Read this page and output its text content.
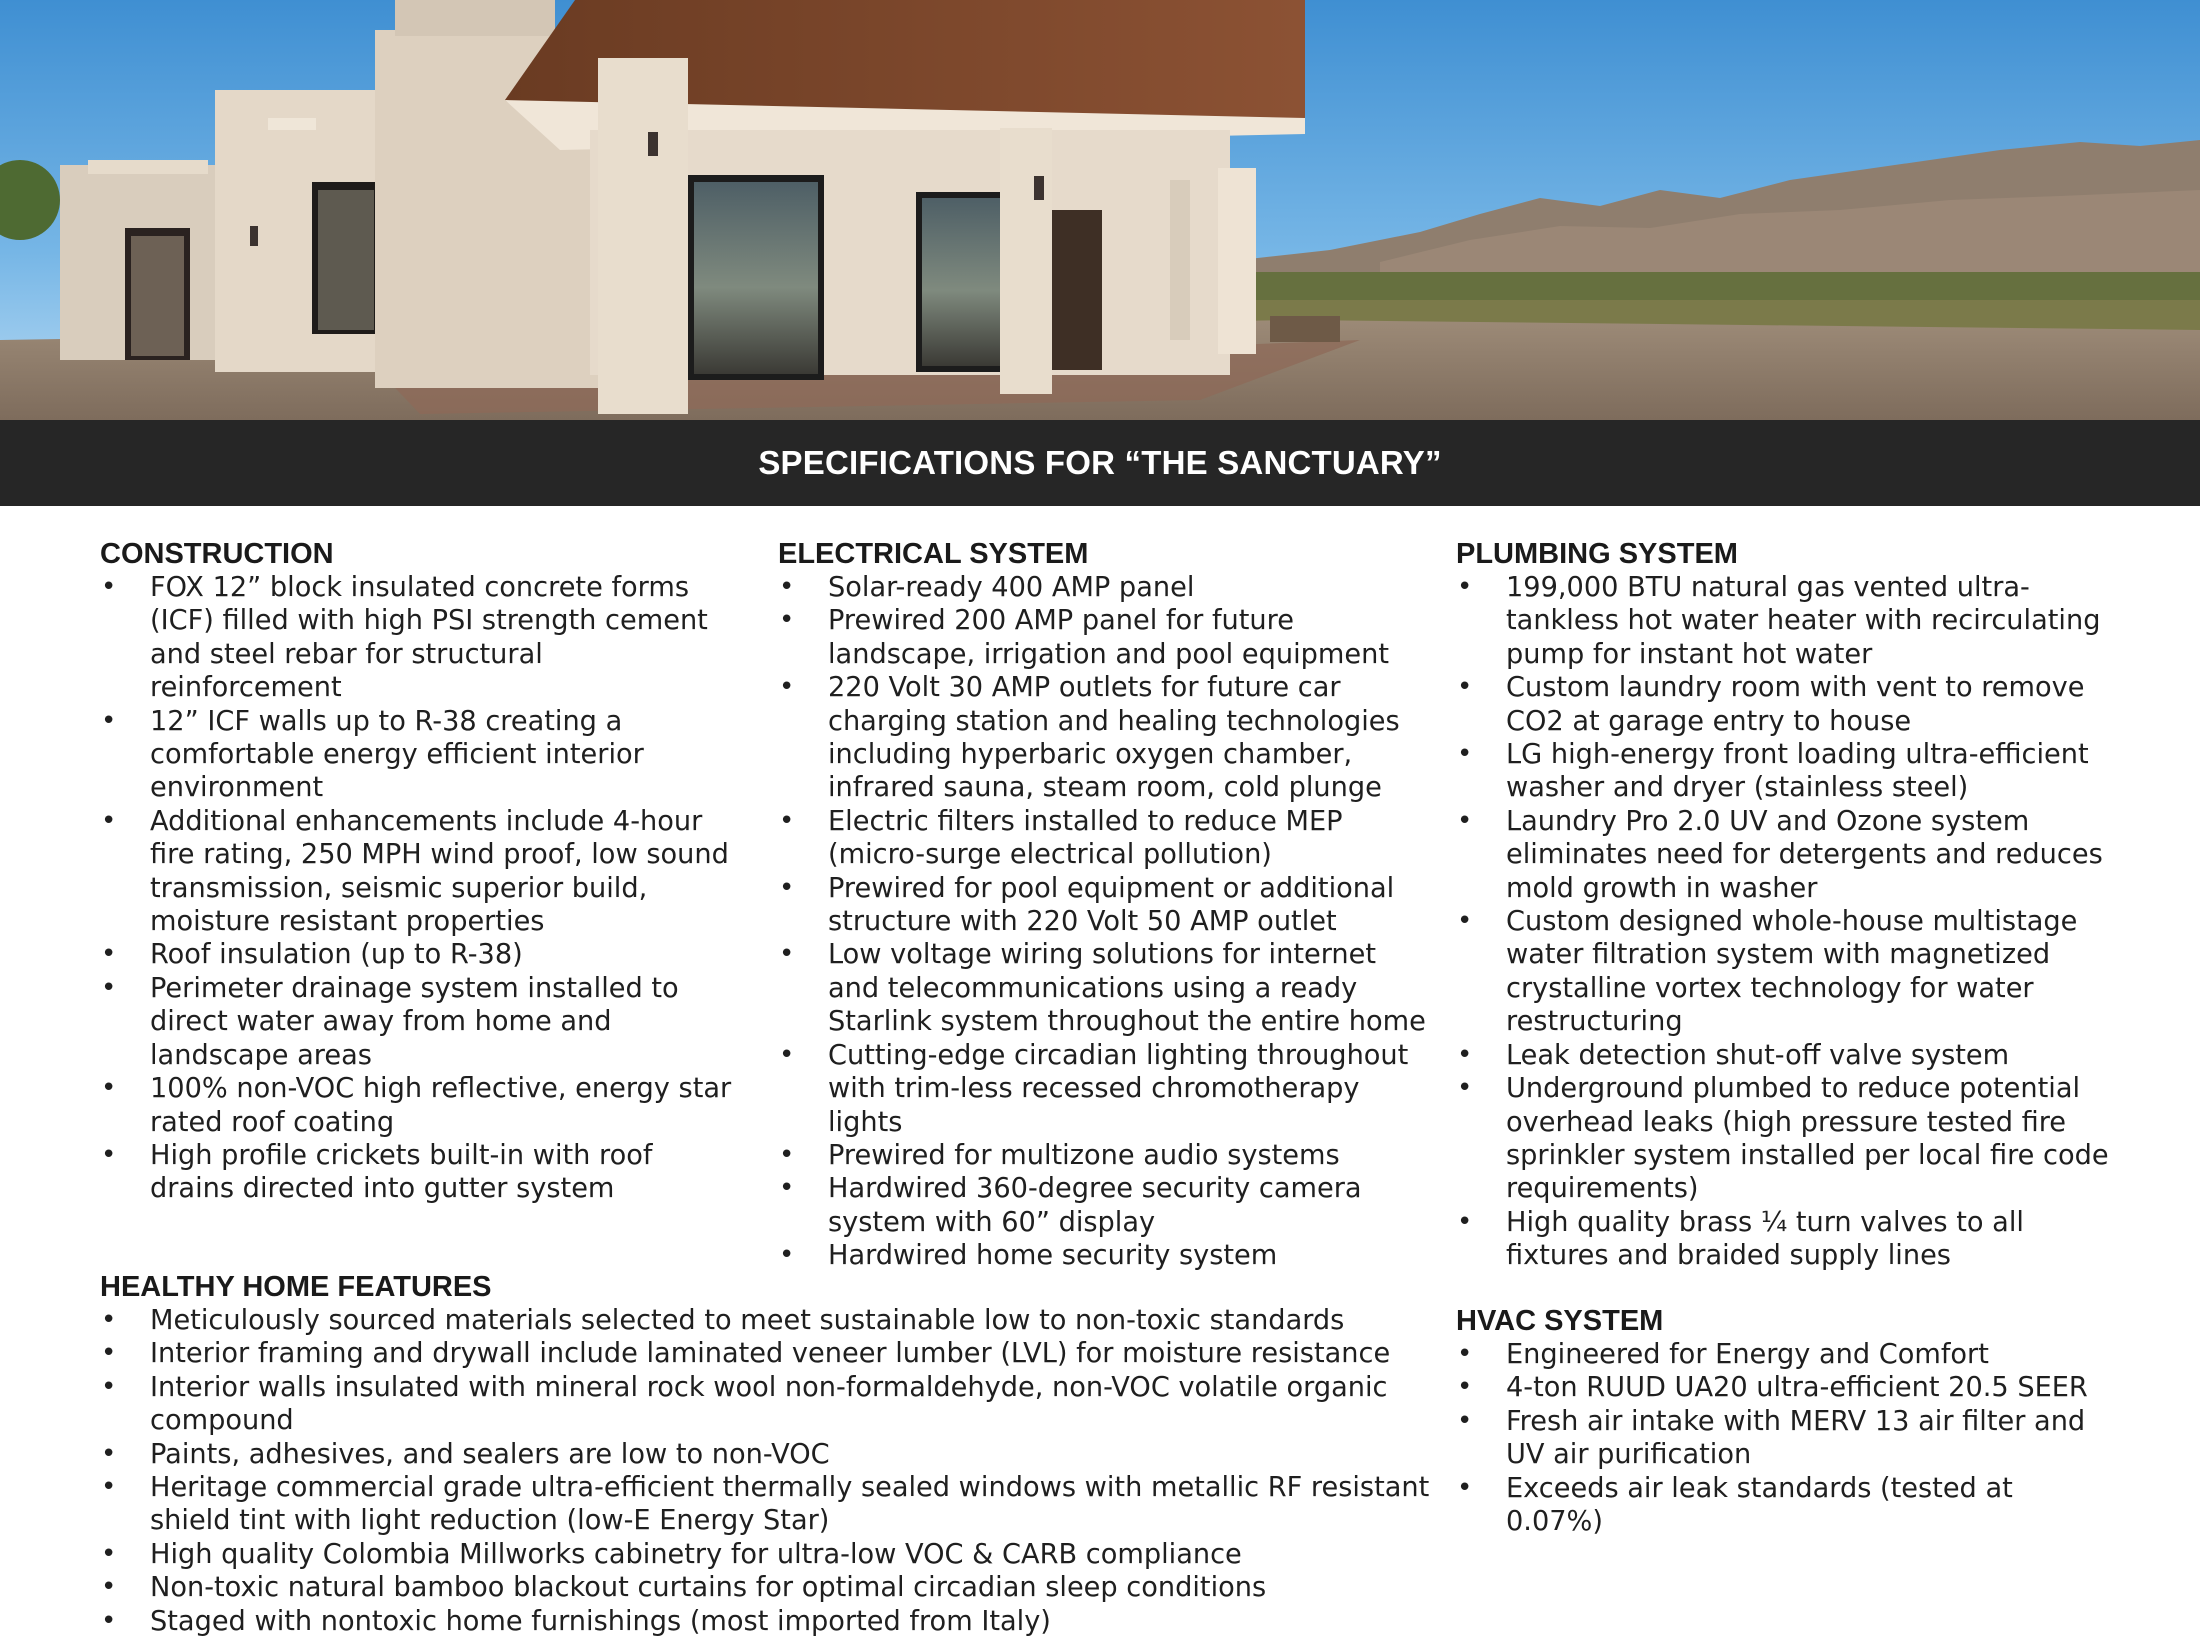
SPECIFICATIONS FOR “THE SANCTUARY”
CONSTRUCTION
• FOX 12” block insulated concrete forms (ICF) filled with high PSI strength cement and steel rebar for structural reinforcement
• 12” ICF walls up to R-38 creating a comfortable energy efficient interior environment
• Additional enhancements include 4-hour fire rating, 250 MPH wind proof, low sound transmission, seismic superior build, moisture resistant properties
• Roof insulation (up to R-38)
• Perimeter drainage system installed to direct water away from home and landscape areas
• 100% non-VOC high reflective, energy star rated roof coating
• High profile crickets built-in with roof drains directed into gutter system
ELECTRICAL SYSTEM
• Solar-ready 400 AMP panel
• Prewired 200 AMP panel for future landscape, irrigation and pool equipment
• 220 Volt 30 AMP outlets for future car charging station and healing technologies including hyperbaric oxygen chamber, infrared sauna, steam room, cold plunge
• Electric filters installed to reduce MEP (micro-surge electrical pollution)
• Prewired for pool equipment or additional structure with 220 Volt 50 AMP outlet
• Low voltage wiring solutions for internet and telecommunications using a ready Starlink system throughout the entire home
• Cutting-edge circadian lighting throughout with trim-less recessed chromotherapy lights
• Prewired for multizone audio systems
• Hardwired 360-degree security camera system with 60” display
• Hardwired home security system
PLUMBING SYSTEM
• 199,000 BTU natural gas vented ultra-tankless hot water heater with recirculating pump for instant hot water
• Custom laundry room with vent to remove CO2 at garage entry to house
• LG high-energy front loading ultra-efficient washer and dryer (stainless steel)
• Laundry Pro 2.0 UV and Ozone system eliminates need for detergents and reduces mold growth in washer
• Custom designed whole-house multistage water filtration system with magnetized crystalline vortex technology for water restructuring
• Leak detection shut-off valve system
• Underground plumbed to reduce potential overhead leaks (high pressure tested fire sprinkler system installed per local fire code requirements)
• High quality brass ¼ turn valves to all fixtures and braided supply lines
HEALTHY HOME FEATURES
• Meticulously sourced materials selected to meet sustainable low to non-toxic standards
• Interior framing and drywall include laminated veneer lumber (LVL) for moisture resistance
• Interior walls insulated with mineral rock wool non-formaldehyde, non-VOC volatile organic compound
• Paints, adhesives, and sealers are low to non-VOC
• Heritage commercial grade ultra-efficient thermally sealed windows with metallic RF resistant shield tint with light reduction (low-E Energy Star)
• High quality Colombia Millworks cabinetry for ultra-low VOC & CARB compliance
• Non-toxic natural bamboo blackout curtains for optimal circadian sleep conditions
• Staged with nontoxic home furnishings (most imported from Italy)
HVAC SYSTEM
• Engineered for Energy and Comfort
• 4-ton RUUD UA20 ultra-efficient 20.5 SEER
• Fresh air intake with MERV 13 air filter and UV air purification
• Exceeds air leak standards (tested at 0.07%)
